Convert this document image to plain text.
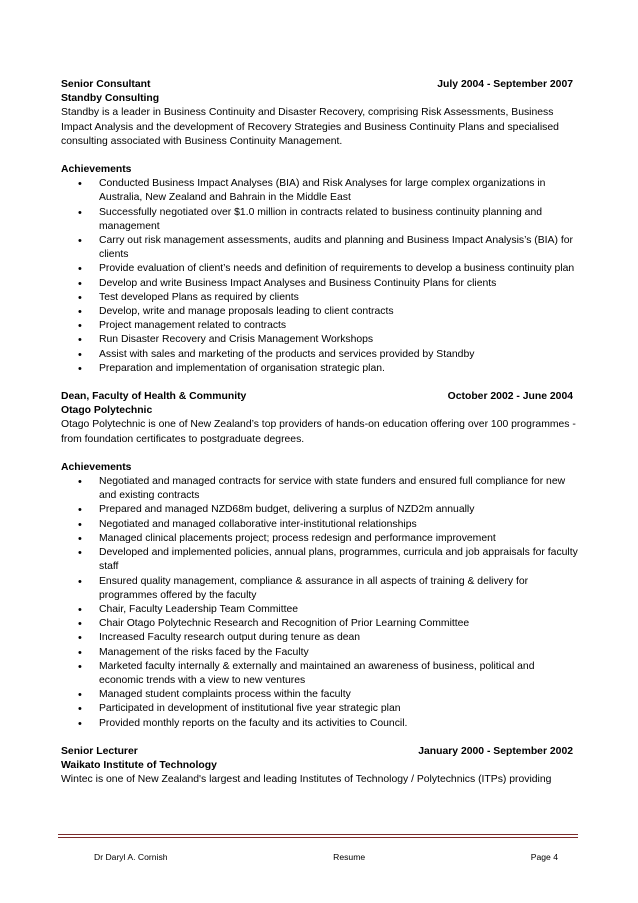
Senior Consultant	July 2004 - September 2007
Standby Consulting

Standby is a leader in Business Continuity and Disaster Recovery, comprising Risk Assessments, Business Impact Analysis and the development of Recovery Strategies and Business Continuity Plans and specialised consulting associated with Business Continuity Management.

Achievements
• Conducted Business Impact Analyses (BIA) and Risk Analyses for large complex organizations in Australia, New Zealand and Bahrain in the Middle East
• Successfully negotiated over $1.0 million in contracts related to business continuity planning and management
• Carry out risk management assessments, audits and planning and Business Impact Analysis’s (BIA) for clients
• Provide evaluation of client’s needs and definition of requirements to develop a business continuity plan
• Develop and write Business Impact Analyses and Business Continuity Plans for clients
• Test developed Plans as required by clients
• Develop, write and manage proposals leading to client contracts
• Project management related to contracts
• Run Disaster Recovery and Crisis Management Workshops
• Assist with sales and marketing of the products and services provided by Standby
• Preparation and implementation of organisation strategic plan.
Dean, Faculty of Health & Community	October 2002 - June 2004
Otago Polytechnic

Otago Polytechnic is one of New Zealand’s top providers of hands-on education offering over 100 programmes - from foundation certificates to postgraduate degrees.

Achievements
• Negotiated and managed contracts for service with state funders and ensured full compliance for new and existing contracts
• Prepared and managed NZD68m budget, delivering a surplus of NZD2m annually
• Negotiated and managed collaborative inter-institutional relationships
• Managed clinical placements project; process redesign and performance improvement
• Developed and implemented policies, annual plans, programmes, curricula and job appraisals for faculty staff
• Ensured quality management, compliance & assurance in all aspects of training & delivery for programmes offered by the faculty
• Chair, Faculty Leadership Team Committee
• Chair Otago Polytechnic Research and Recognition of Prior Learning Committee
• Increased Faculty research output during tenure as dean
• Management of the risks faced by the Faculty
• Marketed faculty internally & externally and maintained an awareness of business, political and economic trends with a view to new ventures
• Managed student complaints process within the faculty
• Participated in development of institutional five year strategic plan
• Provided monthly reports on the faculty and its activities to Council.
Senior Lecturer	January 2000 - September 2002
Waikato Institute of Technology

Wintec is one of New Zealand's largest and leading Institutes of Technology / Polytechnics (ITPs) providing

Dr Daryl A. Cornish	Resume	Page 4
